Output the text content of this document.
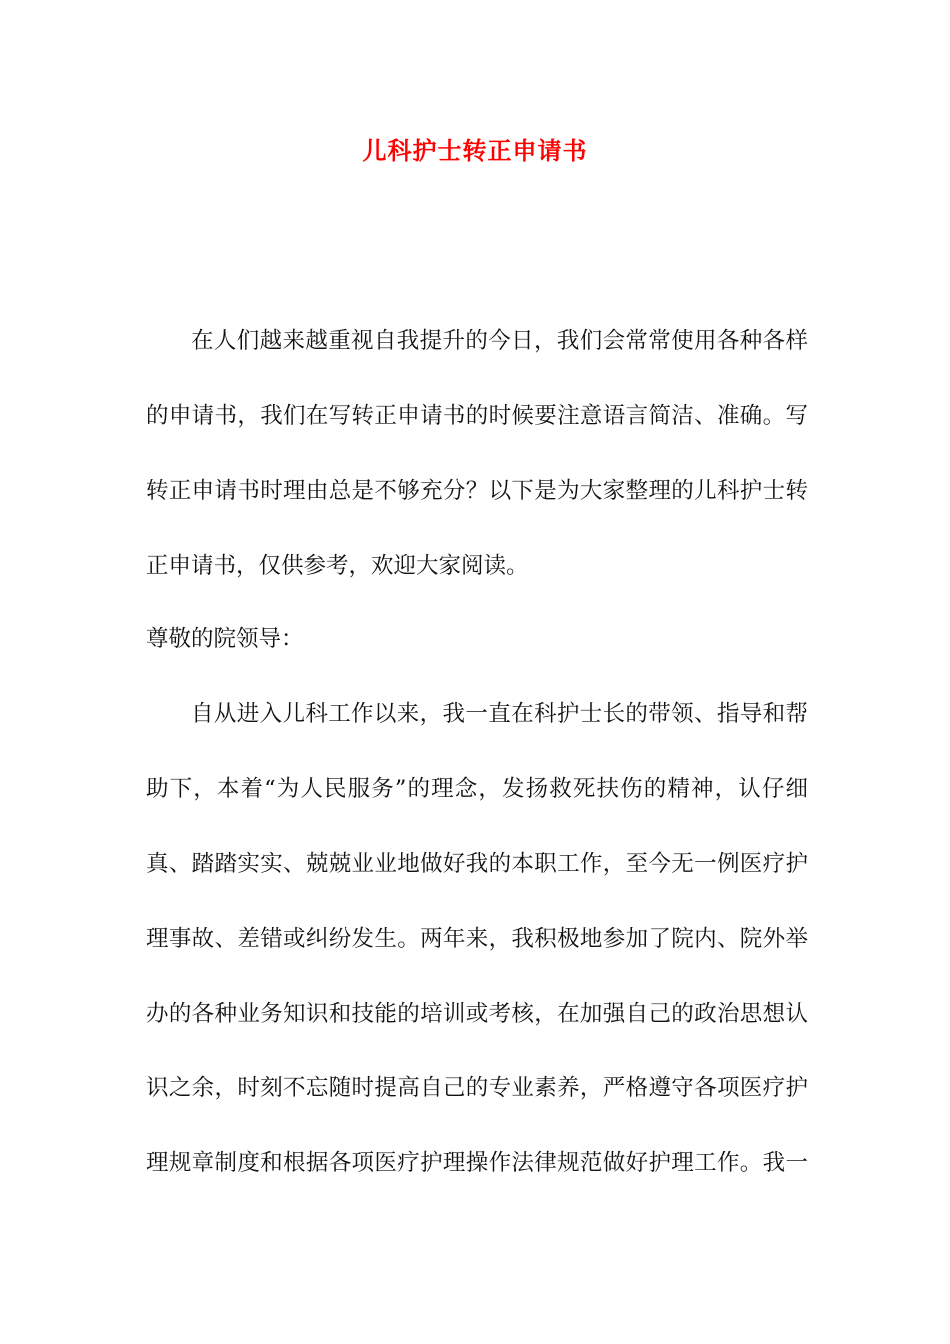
儿科护士转正申请书

在人们越来越重视自我提升的今日，我们会常常使用各种各样

的申请书，我们在写转正申请书的时候要注意语言简洁、准确。写

转正申请书时理由总是不够充分？以下是为大家整理的儿科护士转

正申请书，仅供参考，欢迎大家阅读。

尊敬的院领导：

自从进入儿科工作以来，我一直在科护士长的带领、指导和帮

助下，本着“为人民服务”的理念，发扬救死扶伤的精神，认仔细

真、踏踏实实、兢兢业业地做好我的本职工作，至今无一例医疗护

理事故、差错或纠纷发生。两年来，我积极地参加了院内、院外举

办的各种业务知识和技能的培训或考核，在加强自己的政治思想认

识之余，时刻不忘随时提高自己的专业素养，严格遵守各项医疗护

理规章制度和根据各项医疗护理操作法律规范做好护理工作。我一
